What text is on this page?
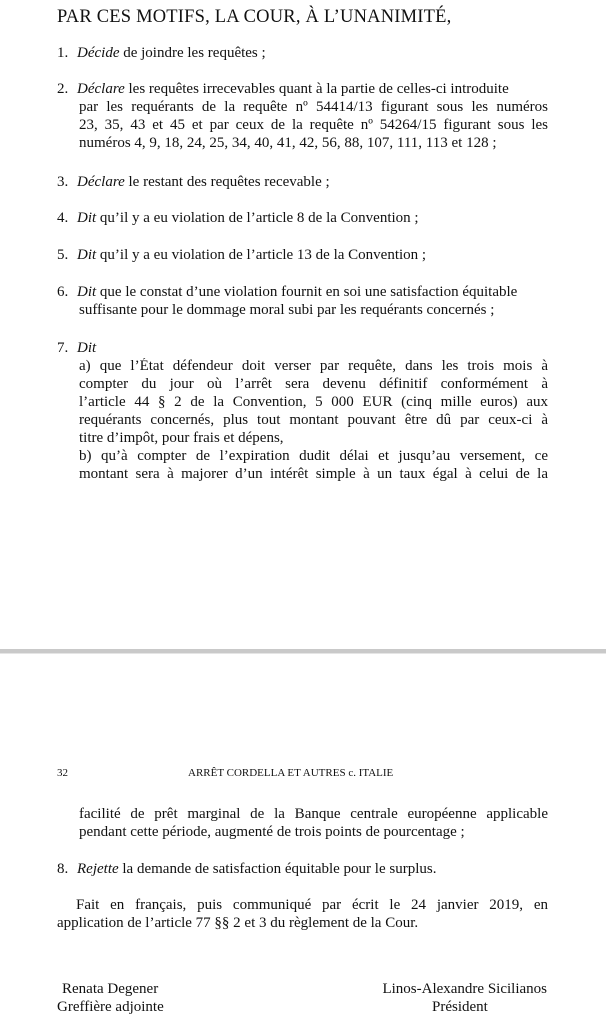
PAR CES MOTIFS, LA COUR, À L’UNANIMITÉ,
1. Décide de joindre les requêtes ;
2. Déclare les requêtes irrecevables quant à la partie de celles-ci introduite
par les requérants de la requête nº 54414/13 figurant sous les numéros
23, 35, 43 et 45 et par ceux de la requête nº 54264/15 figurant sous les
numéros 4, 9, 18, 24, 25, 34, 40, 41, 42, 56, 88, 107, 111, 113 et 128 ;
3. Déclare le restant des requêtes recevable ;
4. Dit qu’il y a eu violation de l’article 8 de la Convention ;
5. Dit qu’il y a eu violation de l’article 13 de la Convention ;
6. Dit que le constat d’une violation fournit en soi une satisfaction équitable
suffisante pour le dommage moral subi par les requérants concernés ;
7. Dit
a) que l’État défendeur doit verser par requête, dans les trois mois à
compter du jour où l’arrêt sera devenu définitif conformément à
l’article 44 § 2 de la Convention, 5 000 EUR (cinq mille euros) aux
requérants concernés, plus tout montant pouvant être dû par ceux-ci à
titre d’impôt, pour frais et dépens,
b) qu’à compter de l’expiration dudit délai et jusqu’au versement, ce
montant sera à majorer d’un intérêt simple à un taux égal à celui de la
32	ARRÊT CORDELLA ET AUTRES c. ITALIE
facilité de prêt marginal de la Banque centrale européenne applicable
pendant cette période, augmenté de trois points de pourcentage ;
8. Rejette la demande de satisfaction équitable pour le surplus.
Fait en français, puis communiqué par écrit le 24 janvier 2019, en
application de l’article 77 §§ 2 et 3 du règlement de la Cour.
Renata Degener
Greffière adjointe
Linos-Alexandre Sicilianos
Président
